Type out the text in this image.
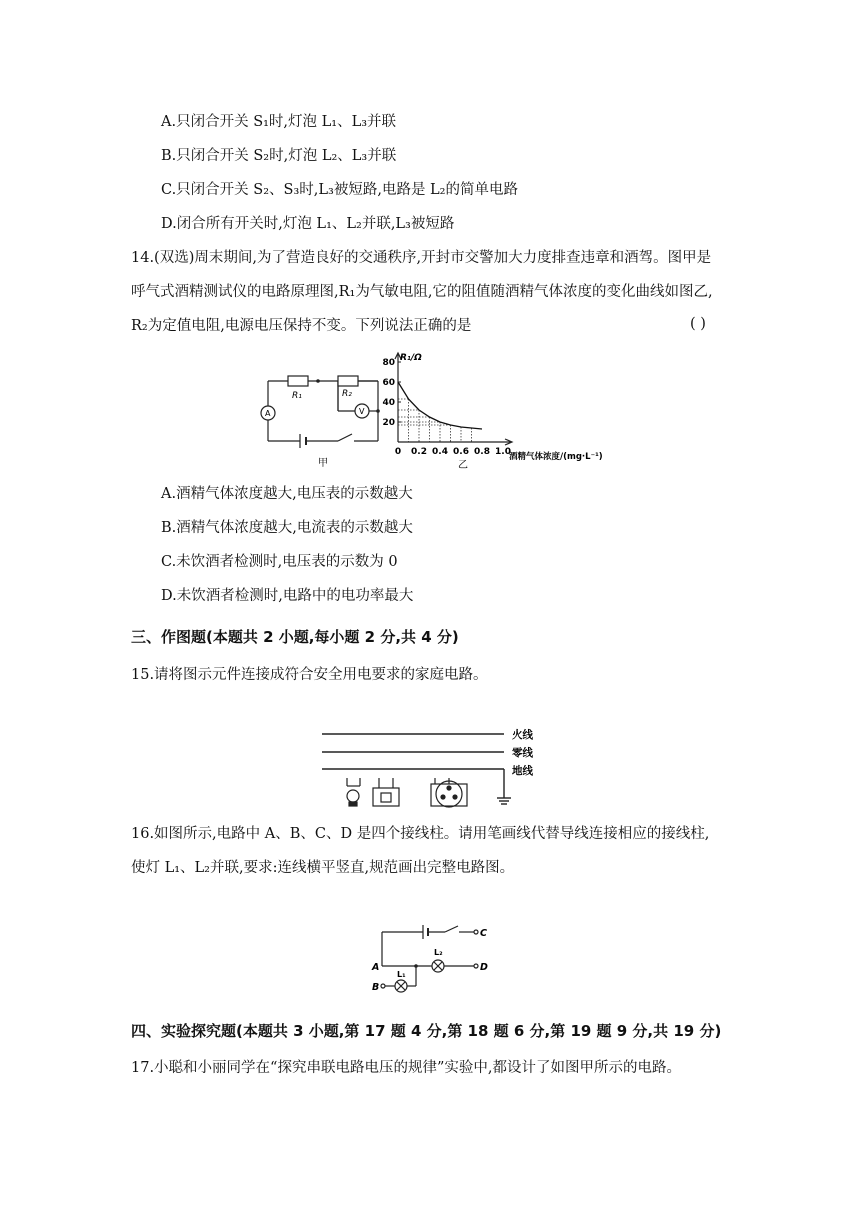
A.只闭合开关 S₁时,灯泡 L₁、L₃并联
B.只闭合开关 S₂时,灯泡 L₂、L₃并联
C.只闭合开关 S₂、S₃时,L₃被短路,电路是 L₂的简单电路
D.闭合所有开关时,灯泡 L₁、L₂并联,L₃被短路
14.(双选)周末期间,为了营造良好的交通秩序,开封市交警加大力度排查违章和酒驾。图甲是
呼气式酒精测试仪的电路原理图,R₁为气敏电阻,它的阻值随酒精气体浓度的变化曲线如图乙,
R₂为定值电阻,电源电压保持不变。下列说法正确的是	( )
R₁	R₂
A	V
甲
20
40
60
80
0 0.2 0.4 0.6 0.8 1.0
R₁/Ω
酒精气体浓度/(mg·L⁻¹)
乙
A.酒精气体浓度越大,电压表的示数越大
B.酒精气体浓度越大,电流表的示数越大
C.未饮酒者检测时,电压表的示数为 0
D.未饮酒者检测时,电路中的电功率最大
三、作图题(本题共 2 小题,每小题 2 分,共 4 分)
15.请将图示元件连接成符合安全用电要求的家庭电路。
火线
零线
地线
16.如图所示,电路中 A、B、C、D 是四个接线柱。请用笔画线代替导线连接相应的接线柱,
使灯 L₁、L₂并联,要求:连线横平竖直,规范画出完整电路图。
A
B
C
D
L₂
L₁
四、实验探究题(本题共 3 小题,第 17 题 4 分,第 18 题 6 分,第 19 题 9 分,共 19 分)
17.小聪和小丽同学在“探究串联电路电压的规律”实验中,都设计了如图甲所示的电路。
